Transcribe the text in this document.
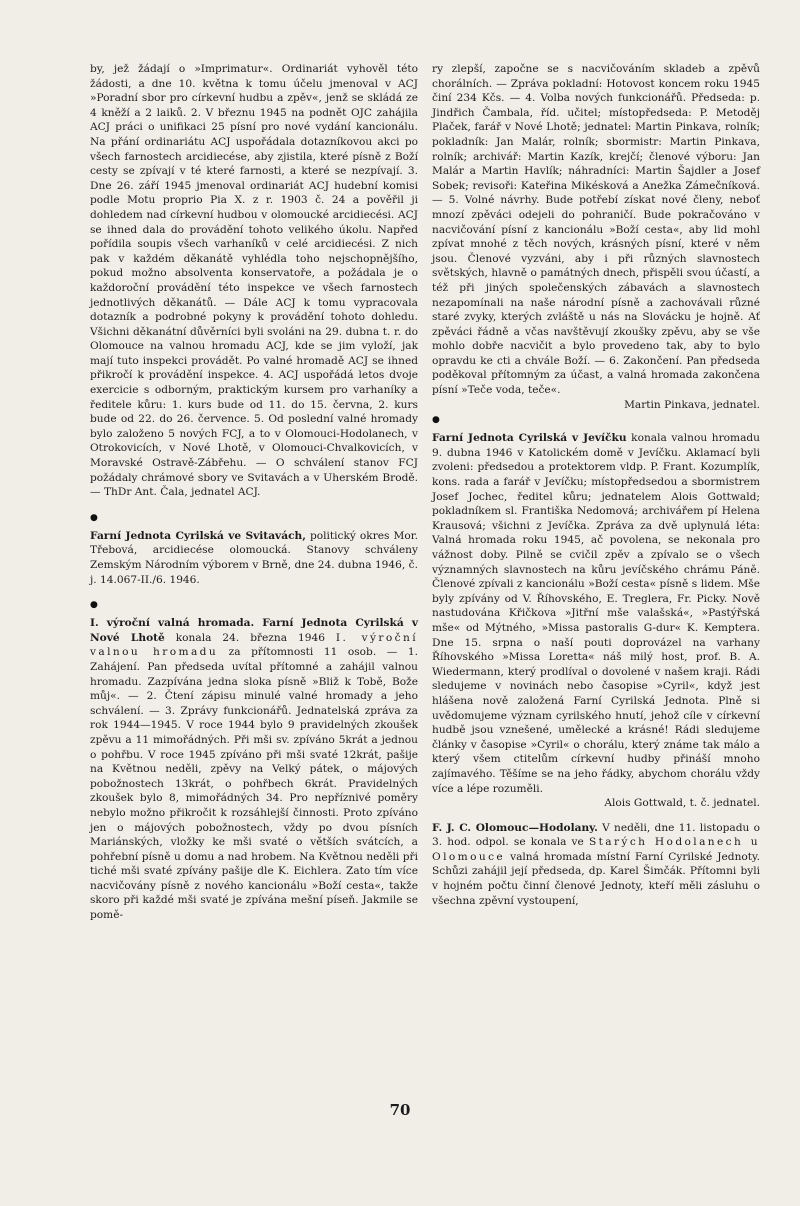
by, jež žádají o »Imprimatur«. Ordinariát vyhověl této žádosti, a dne 10. května k tomu účelu jmenoval v ACJ »Poradní sbor pro církevní hudbu a zpěv«, jenž se skládá ze 4 kněží a 2 laiků. 2. V březnu 1945 na podnět OJC zahájila ACJ práci o unifikaci 25 písní pro nové vydání kancionálu. Na přání ordinariátu ACJ uspořádala dotazníkovou akci po všech farnostech arcidiecése, aby zjistila, které písně z Boží cesty se zpívají v té které farnosti, a které se nezpívají. 3. Dne 26. září 1945 jmenoval ordinariát ACJ hudební komisi podle Motu proprio Pia X. z r. 1903 č. 24 a pověřil ji dohledem nad církevní hudbou v olomoucké arcidiecési. ACJ se ihned dala do provádění tohoto velikého úkolu. Napřed pořídila soupis všech varhaníků v celé arcidiecési. Z nich pak v každém děkanátě vyhlédla toho nejschopnějšího, pokud možno absolventa konservatoře, a požádala je o každoroční provádění této inspekce ve všech farnostech jednotlivých děkanátů. — Dále ACJ k tomu vypracovala dotazník a podrobné pokyny k provádění tohoto dohledu. Všichni děkanátní důvěrníci byli svoláni na 29. dubna t. r. do Olomouce na valnou hromadu ACJ, kde se jim vyloží, jak mají tuto inspekci provádět. Po valné hromadě ACJ se ihned přikročí k provádění inspekce. 4. ACJ uspořádá letos dvoje exercicie s odborným, praktickým kursem pro varhaníky a ředitele kůru: 1. kurs bude od 11. do 15. června, 2. kurs bude od 22. do 26. července. 5. Od poslední valné hromady bylo založeno 5 nových FCJ, a to v Olomouci-Hodolanech, v Otrokovicích, v Nové Lhotě, v Olomouci-Chvalkovicích, v Moravské Ostravě-Zábřehu. — O schválení stanov FCJ požádaly chrámové sbory ve Svitavách a v Uherském Brodě. — ThDr Ant. Čala, jednatel ACJ.

●

Farní Jednota Cyrilská ve Svitavách, politický okres Mor. Třebová, arcidiecése olomoucká. Stanovy schváleny Zemským Národním výborem v Brně, dne 24. dubna 1946, č. j. 14.067-II./6. 1946.

●

I. výroční valná hromada. Farní Jednota Cyrilská v Nové Lhotě konala 24. března 1946 I. výroční valnou hromadu za přítomnosti 11 osob. — 1. Zahájení. Pan předseda uvítal přítomné a zahájil valnou hromadu. Zazpívána jedna sloka písně »Bliž k Tobě, Bože můj«. — 2. Čtení zápisu minulé valné hromady a jeho schválení. — 3. Zprávy funkcionářů. Jednatelská zpráva za rok 1944—1945. V roce 1944 bylo 9 pravidelných zkoušek zpěvu a 11 mimořádných. Při mši sv. zpíváno 5krát a jednou o pohřbu. V roce 1945 zpíváno při mši svaté 12krát, pašije na Květnou neděli, zpěvy na Velký pátek, o májových pobožnostech 13krát, o pohřbech 6krát. Pravidelných zkoušek bylo 8, mimořádných 34. Pro nepříznivé poměry nebylo možno přikročit k rozsáhlejší činnosti. Proto zpíváno jen o májových pobožnostech, vždy po dvou písních Mariánských, vložky ke mši svaté o větších svátcích, a pohřební písně u domu a nad hrobem. Na Květnou neděli při tiché mši svaté zpívány pašije dle K. Eichlera. Zato tím více nacvičovány písně z nového kancionálu »Boží cesta«, takže skoro při každé mši svaté je zpívána mešní píseň. Jakmile se pomě-

ry zlepší, započne se s nacvičováním skladeb a zpěvů chorálních. — Zpráva pokladní: Hotovost koncem roku 1945 činí 234 Kčs. — 4. Volba nových funkcionářů. Předseda: p. Jindřich Čambala, říd. učitel; místopředseda: P. Metoděj Plaček, farář v Nové Lhotě; jednatel: Martin Pinkava, rolník; pokladník: Jan Malár, rolník; sbormistr: Martin Pinkava, rolník; archivář: Martin Kazík, krejčí; členové výboru: Jan Malár a Martin Havlík; náhradníci: Martin Šajdler a Josef Sobek; revisoři: Kateřina Mikésková a Anežka Zámečníková. — 5. Volné návrhy. Bude potřebí získat nové členy, neboť mnozí zpěváci odejeli do pohraničí. Bude pokračováno v nacvičování písní z kancionálu »Boží cesta«, aby lid mohl zpívat mnohé z těch nových, krásných písní, které v něm jsou. Členové vyzváni, aby i při různých slavnostech světských, hlavně o památných dnech, přispěli svou účastí, a též při jiných společenských zábavách a slavnostech nezapomínali na naše národní písně a zachovávali různé staré zvyky, kterých zvláště u nás na Slovácku je hojně. Ať zpěváci řádně a včas navštěvují zkoušky zpěvu, aby se vše mohlo dobře nacvičit a bylo provedeno tak, aby to bylo opravdu ke cti a chvále Boží. — 6. Zakončení. Pan předseda poděkoval přítomným za účast, a valná hromada zakončena písní »Teče voda, teče«.

Martin Pinkava, jednatel.

●

Farní Jednota Cyrilská v Jevíčku konala valnou hromadu 9. dubna 1946 v Katolickém domě v Jevíčku. Aklamací byli zvoleni: předsedou a protektorem vldp. P. Frant. Kozumplík, kons. rada a farář v Jevíčku; místopředsedou a sbormistrem Josef Jochec, ředitel kůru; jednatelem Alois Gottwald; pokladníkem sl. Františka Nedomová; archivářem pí Helena Krausová; všichni z Jevíčka. Zpráva za dvě uplynulá léta: Valná hromada roku 1945, ač povolena, se nekonala pro vážnost doby. Pilně se cvičil zpěv a zpívalo se o všech významných slavnostech na kůru jevíčského chrámu Páně. Členové zpívali z kancionálu »Boží cesta« písně s lidem. Mše byly zpívány od V. Říhovského, E. Treglera, Fr. Picky. Nově nastudována Křičkova »Jitřní mše valašská«, »Pastýřská mše« od Mýtného, »Missa pastoralis G-dur« K. Kemptera. Dne 15. srpna o naší pouti doprovázel na varhany Říhovského »Missa Loretta« náš milý host, prof. B. A. Wiedermann, který prodlíval o dovolené v našem kraji. Rádi sledujeme v novinách nebo časopise »Cyril«, když jest hlášena nově založená Farní Cyrilská Jednota. Plně si uvědomujeme význam cyrilského hnutí, jehož cíle v církevní hudbě jsou vznešené, umělecké a krásné! Rádi sledujeme články v časopise »Cyril« o chorálu, který známe tak málo a který všem ctitelům církevní hudby přináší mnoho zajímavého. Těšíme se na jeho řádky, abychom chorálu vždy více a lépe rozuměli.

Alois Gottwald, t. č. jednatel.

F. J. C. Olomouc—Hodolany. V neděli, dne 11. listopadu o 3. hod. odpol. se konala ve Starých Hodolanech u Olomouce valná hromada místní Farní Cyrilské Jednoty. Schůzi zahájil její předseda, dp. Karel Šimčák. Přítomni byli v hojném počtu činní členové Jednoty, kteří měli zásluhu o všechna zpěvní vystoupení,

70
